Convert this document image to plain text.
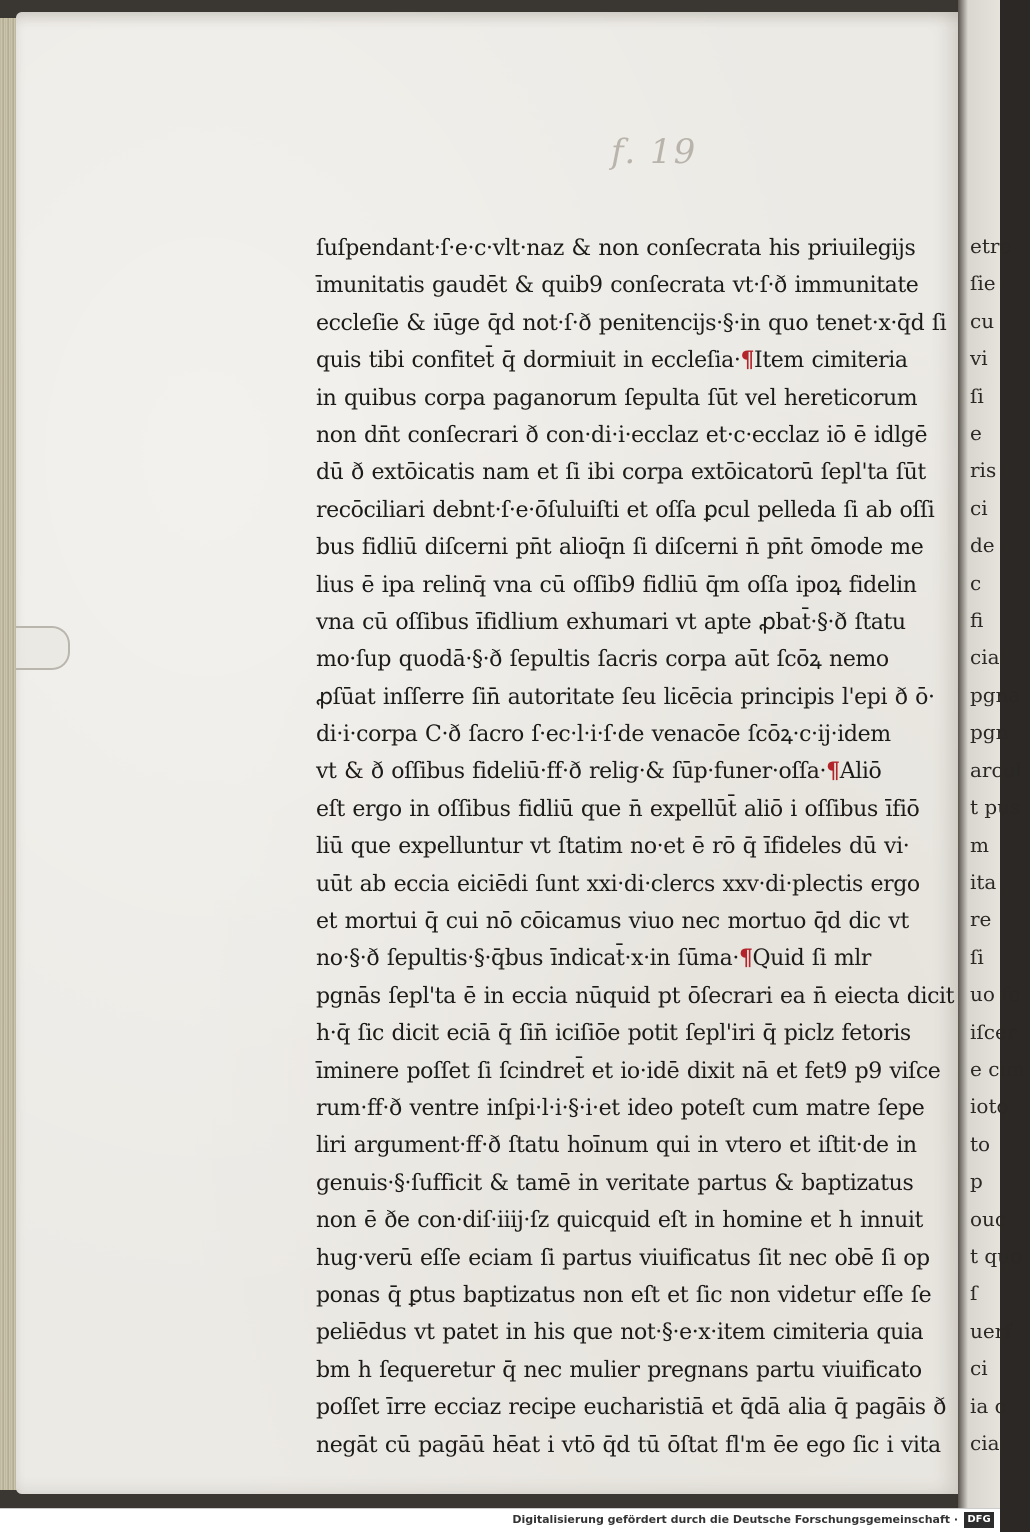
f. 19
ſuſpendant·ſ·e·c·vlt·naz & non conſecrata his priuilegijs
īmunitatis gaudēt & quib9 conſecrata vt·ſ·ð immunitate
eccleſie & iūge q̄d not·ſ·ð penitencijs·§·in quo tenet·x·q̄d ſi
quis tibi confitet̄ q̄ dormiuit in eccleſia·¶Item cimiteria
in quibus corpa paganorum ſepulta ſūt vel hereticorum
non dn̄t conſecrari ð con·di·i·ecclaz et·c·ecclaz iō ē idlgē
dū ð extōicatis nam et ſi ibi corpa extōicatorū ſepl'ta ſūt
recōciliari debnt·ſ·e·ōſuluiſti et oſſa ꝑcul pelleda ſi ab oſſi
bus fidliū diſcerni pn̄t alioq̄n ſi diſcerni n̄ pn̄t ōmode me
lius ē ipa relinq̄ vna cū oſſib9 fidliū q̄m oſſa ipoꝝ fidelin
vna cū oſſibus īfidlium exhumari vt apte ꝓbat̄·§·ð ſtatu
mo·ſup quodā·§·ð ſepultis ſacris corpa aūt ſcōꝝ nemo
ꝓſūat inſſerre ſin̄ autoritate ſeu licēcia principis l'epi ð ō·
di·i·corpa C·ð ſacro ſ·ec·l·i·ſ·de venacōe ſcōꝝ·c·ij·idem
vt & ð oſſibus fideliū·ff·ð relig·& ſūp·funer·oſſa·¶Aliō
eſt ergo in oſſibus fidliū que n̄ expellūt̄ aliō i oſſibus īfiō
liū que expelluntur vt ſtatim no·et ē rō q̄ īfideles dū vi·
uūt ab eccia eiciēdi ſunt xxi·di·clercs xxv·di·plectis ergo
et mortui q̄ cui nō cōicamus viuo nec mortuo q̄d dic vt
no·§·ð ſepultis·§·q̄bus īndicat̄·x·in ſūma·¶Quid ſi mlr
pgnās ſepl'ta ē in eccia nūquid pt ōſecrari ea n̄ eiecta dicit
h·q̄ ſic dicit eciā q̄ ſin̄ iciſiōe potit ſepl'iri q̄ piclz fetoris
īminere poſſet ſi ſcindret̄ et io·idē dixit nā et fet9 p9 viſce
rum·ff·ð ventre inſpi·l·i·§·i·et ideo poteſt cum matre ſepe
liri argument·ff·ð ſtatu hoīnum qui in vtero et iſtit·de in
genuis·§·ſufficit & tamē in veritate partus & baptizatus
non ē ðe con·diſ·iiij·ſz quicquid eſt in homine et h innuit
hug·verū eſſe eciam ſi partus viuificatus ſit nec obē ſi op
ponas q̄ ꝑtus baptizatus non eſt et ſic non videtur eſſe ſe
peliēdus vt patet in his que not·§·e·x·item cimiteria quia
bm h ſequeretur q̄ nec mulier pregnans partu viuificato
poſſet īrre ecciaz recipe eucharistiā et q̄dā alia q̄ pagāis ð
negāt cū pagāū hēat i vtō q̄d tū ōſtat fl'm ēe ego ſic i vita
etre
ſie
cu
vi
ſi
e
ris
ci
de
c
fi
cia
pgna
pgn
arcul
t pus
m
ita
re
ſi
uo fe
iſcer
e cim
ioto
to
p
ouc
t quo
ſ
uerf
ci
ia c
cia
Digitalisierung gefördert durch die Deutsche Forschungsgemeinschaft · DFG
